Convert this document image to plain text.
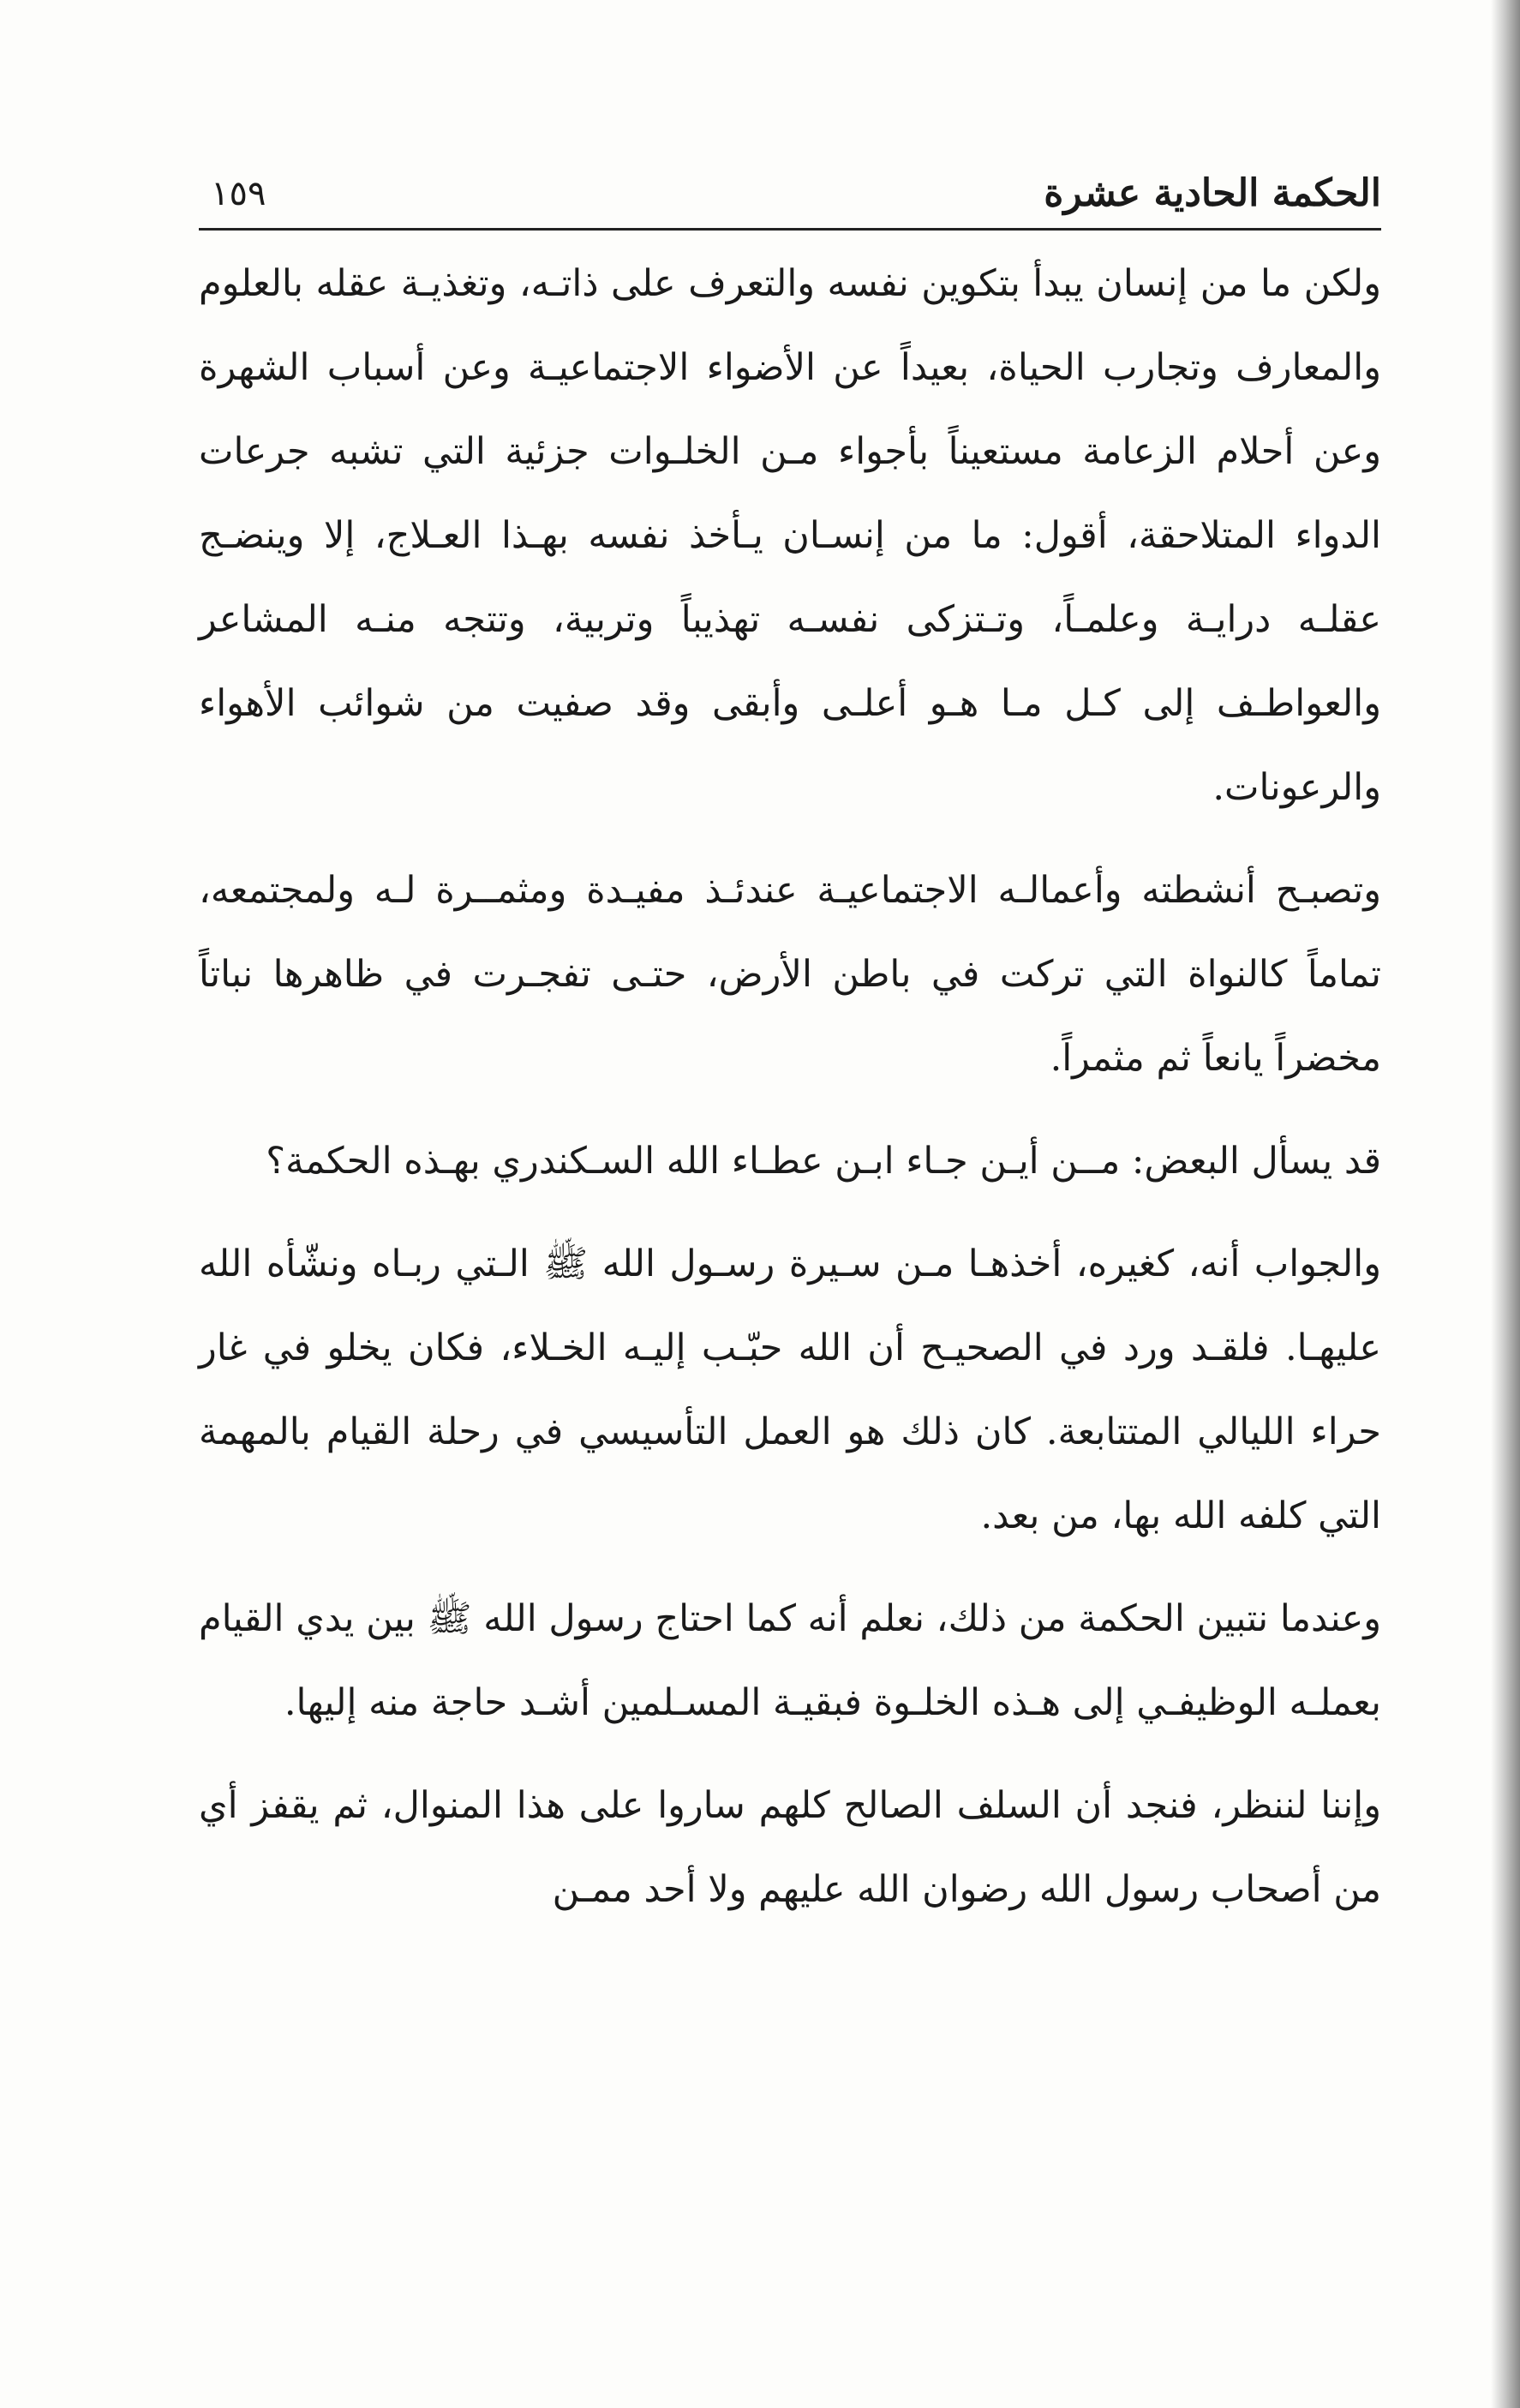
الحكمة الحادية عشرة
١٥٩

ولكن ما من إنسان يبدأ بتكوين نفسه والتعرف على ذاتـه، وتغذيـة عقله بالعلوم والمعارف وتجارب الحياة، بعيداً عن الأضواء الاجتماعيـة وعن أسباب الشهرة وعن أحلام الزعامة مستعيناً بأجواء مـن الخلـوات جزئية التي تشبه جرعات الدواء المتلاحقة، أقول: ما من إنسـان يـأخذ نفسه بهـذا العـلاج، إلا وينضـج عقلـه درايـة وعلمـاً، وتـتزكى نفسـه تهذيباً وتربية، وتتجه منـه المشاعر والعواطـف إلى كـل مـا هـو أعلـى وأبقى وقد صفيت من شوائب الأهواء والرعونات.

وتصبـح أنشطته وأعمالـه الاجتماعيـة عندئـذ مفيـدة ومثمــرة لـه ولمجتمعه، تماماً كالنواة التي تركت في باطن الأرض، حتـى تفجـرت في ظاهرها نباتاً مخضراً يانعاً ثم مثمراً.

قد يسأل البعض: مــن أيـن جـاء ابـن عطـاء الله السـكندري بهـذه الحكمة؟

والجواب أنه، كغيره، أخذهـا مـن سـيرة رسـول الله ﷺ الـتي ربـاه ونشّأه الله عليهـا. فلقـد ورد في الصحيـح أن الله حبّـب إليـه الخـلاء، فكان يخلو في غار حراء الليالي المتتابعة. كان ذلك هو العمل التأسيسي في رحلة القيام بالمهمة التي كلفه الله بها، من بعد.

وعندما نتبين الحكمة من ذلك، نعلم أنه كما احتاج رسول الله ﷺ بين يدي القيام بعملـه الوظيفـي إلى هـذه الخلـوة فبقيـة المسـلمين أشـد حاجة منه إليها.

وإننا لننظر، فنجد أن السلف الصالح كلهم ساروا على هذا المنوال، ثم يقفز أي من أصحاب رسول الله رضوان الله عليهم ولا أحد ممـن
